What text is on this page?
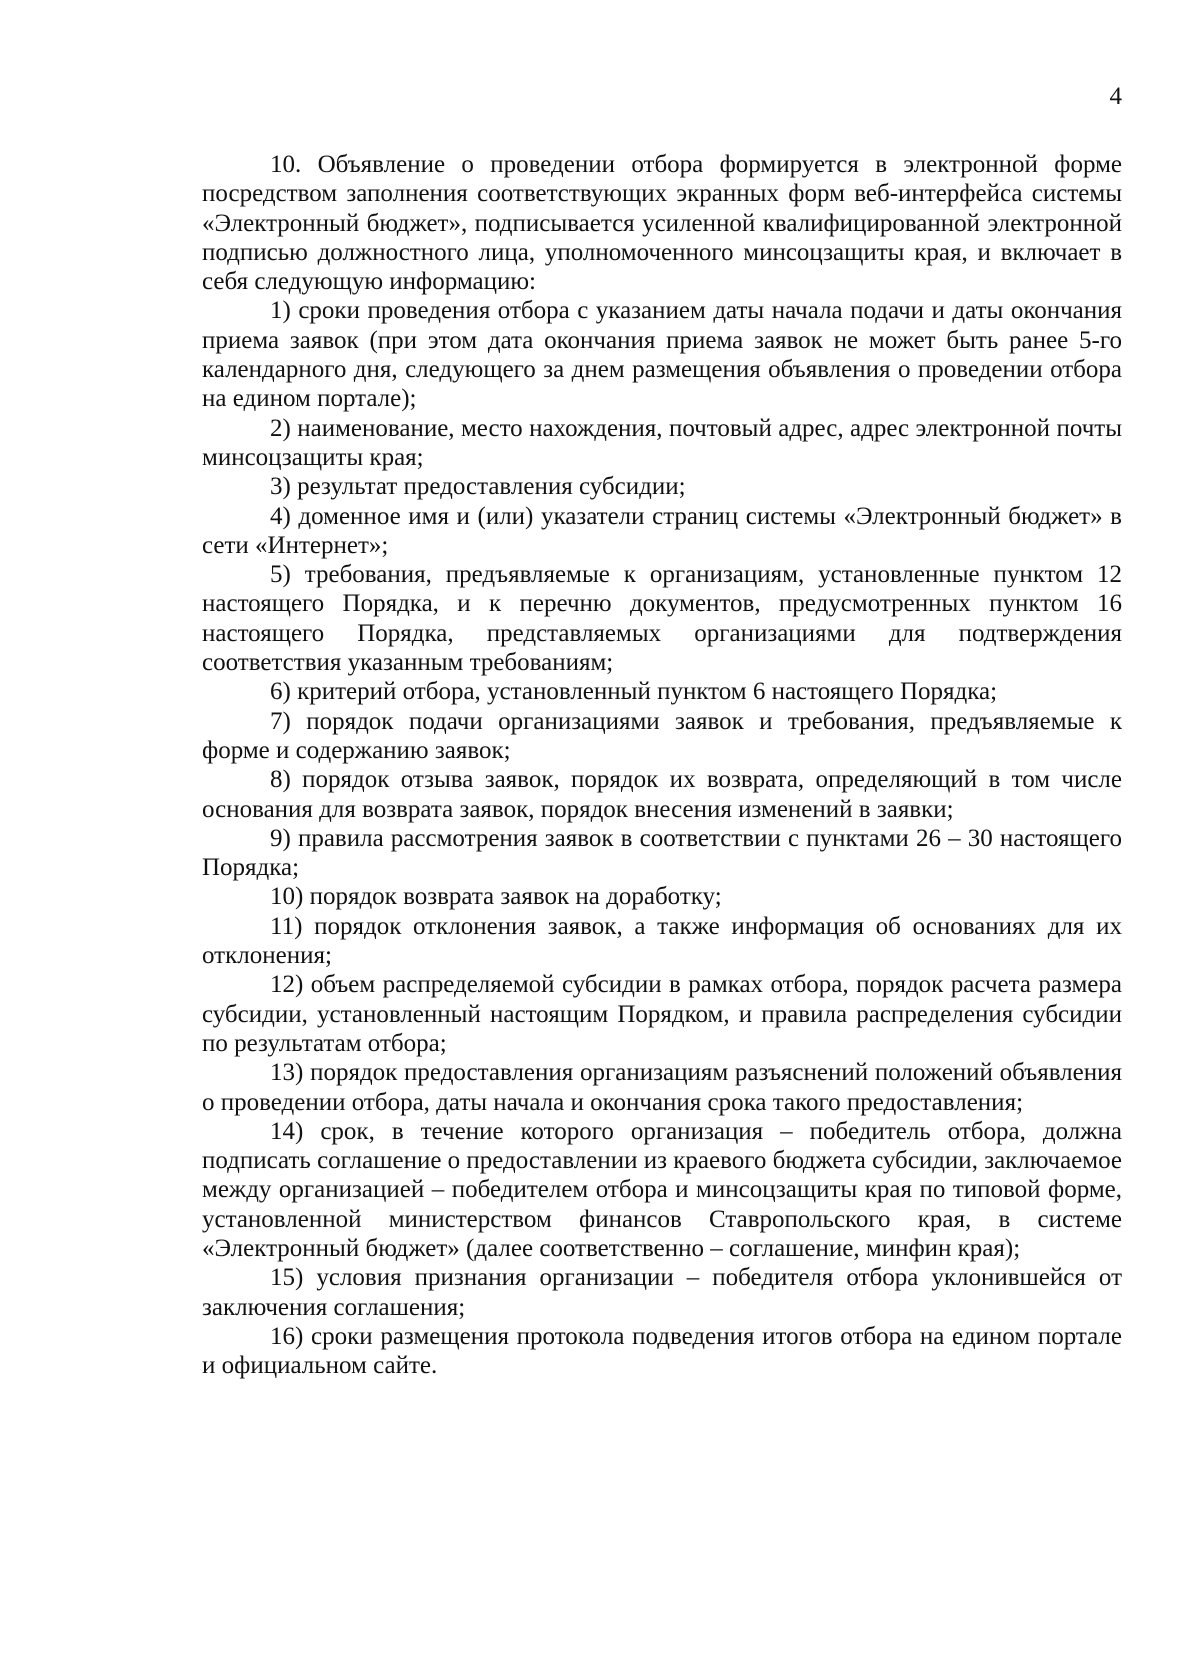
4

10. Объявление о проведении отбора формируется в электронной форме посредством заполнения соответствующих экранных форм веб-интерфейса системы «Электронный бюджет», подписывается усиленной квалифицированной электронной подписью должностного лица, уполномоченного минсоцзащиты края, и включает в себя следующую информацию:

1) сроки проведения отбора с указанием даты начала подачи и даты окончания приема заявок (при этом дата окончания приема заявок не может быть ранее 5-го календарного дня, следующего за днем размещения объявления о проведении отбора на едином портале);

2) наименование, место нахождения, почтовый адрес, адрес электронной почты минсоцзащиты края;

3) результат предоставления субсидии;

4) доменное имя и (или) указатели страниц системы «Электронный бюджет» в сети «Интернет»;

5) требования, предъявляемые к организациям, установленные пунктом 12 настоящего Порядка, и к перечню документов, предусмотренных пунктом 16 настоящего Порядка, представляемых организациями для подтверждения соответствия указанным требованиям;

6) критерий отбора, установленный пунктом 6 настоящего Порядка;

7) порядок подачи организациями заявок и требования, предъявляемые к форме и содержанию заявок;

8) порядок отзыва заявок, порядок их возврата, определяющий в том числе основания для возврата заявок, порядок внесения изменений в заявки;

9) правила рассмотрения заявок в соответствии с пунктами 26 – 30 настоящего Порядка;

10) порядок возврата заявок на доработку;

11) порядок отклонения заявок, а также информация об основаниях для их отклонения;

12) объем распределяемой субсидии в рамках отбора, порядок расчета размера субсидии, установленный настоящим Порядком, и правила распределения субсидии по результатам отбора;

13) порядок предоставления организациям разъяснений положений объявления о проведении отбора, даты начала и окончания срока такого предоставления;

14) срок, в течение которого организация – победитель отбора, должна подписать соглашение о предоставлении из краевого бюджета субсидии, заключаемое между организацией – победителем отбора и минсоцзащиты края по типовой форме, установленной министерством финансов Ставропольского края, в системе «Электронный бюджет» (далее соответственно – соглашение, минфин края);

15) условия признания организации – победителя отбора уклонившейся от заключения соглашения;

16) сроки размещения протокола подведения итогов отбора на едином портале и официальном сайте.
